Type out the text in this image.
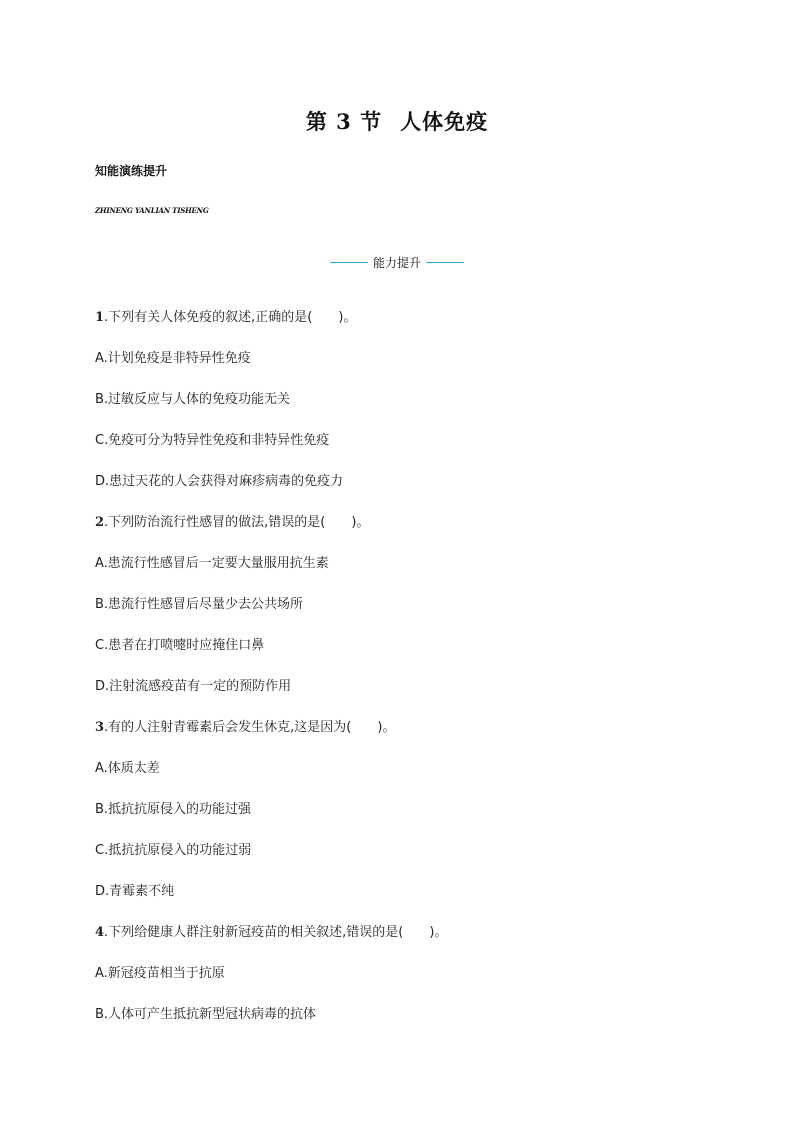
第 3 节 人体免疫
知能演练提升
ZHINENG YANLIAN TISHENG
能力提升
1.下列有关人体免疫的叙述,正确的是(　　)。
A.计划免疫是非特异性免疫
B.过敏反应与人体的免疫功能无关
C.免疫可分为特异性免疫和非特异性免疫
D.患过天花的人会获得对麻疹病毒的免疫力
2.下列防治流行性感冒的做法,错误的是(　　)。
A.患流行性感冒后一定要大量服用抗生素
B.患流行性感冒后尽量少去公共场所
C.患者在打喷嚏时应掩住口鼻
D.注射流感疫苗有一定的预防作用
3.有的人注射青霉素后会发生休克,这是因为(　　)。
A.体质太差
B.抵抗抗原侵入的功能过强
C.抵抗抗原侵入的功能过弱
D.青霉素不纯
4.下列给健康人群注射新冠疫苗的相关叙述,错误的是(　　)。
A.新冠疫苗相当于抗原
B.人体可产生抵抗新型冠状病毒的抗体
